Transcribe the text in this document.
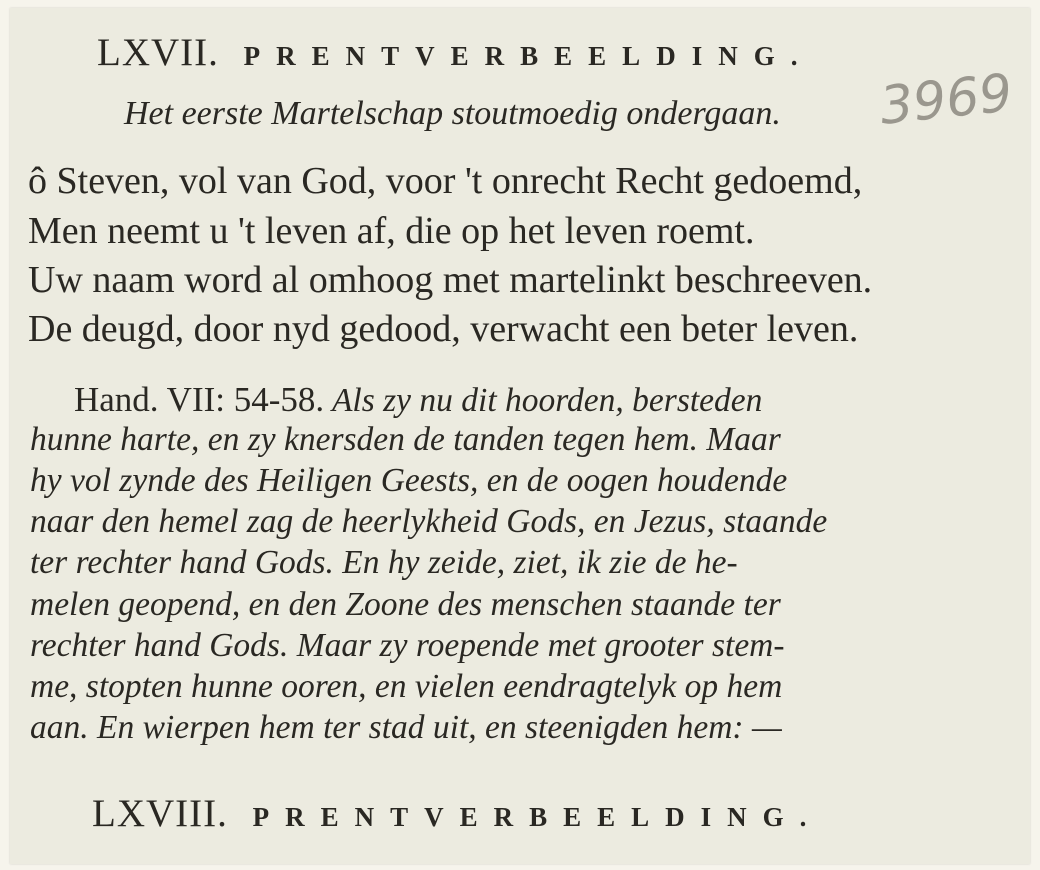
LXVII. PRENTVERBEELDING.
Het eerste Martelschap stoutmoedig ondergaan. 3969
ô Steven, vol van God, voor 't onrecht Recht gedoemd,
Men neemt u 't leven af, die op het leven roemt.
Uw naam word al omhoog met martelinkt beschreeven.
De deugd, door nyd gedood, verwacht een beter leven.
Hand. VII: 54-58. Als zy nu dit hoorden, bersteden
hunne harte, en zy knersden de tanden tegen hem. Maar
hy vol zynde des Heiligen Geests, en de oogen houdende
naar den hemel zag de heerlykheid Gods, en Jezus, staande
ter rechter hand Gods. En hy zeide, ziet, ik zie de he-
melen geopend, en den Zoone des menschen staande ter
rechter hand Gods. Maar zy roepende met grooter stem-
me, stopten hunne ooren, en vielen eendragtelyk op hem
aan. En wierpen hem ter stad uit, en steenigden hem: —
LXVIII. PRENTVERBEELDING.
